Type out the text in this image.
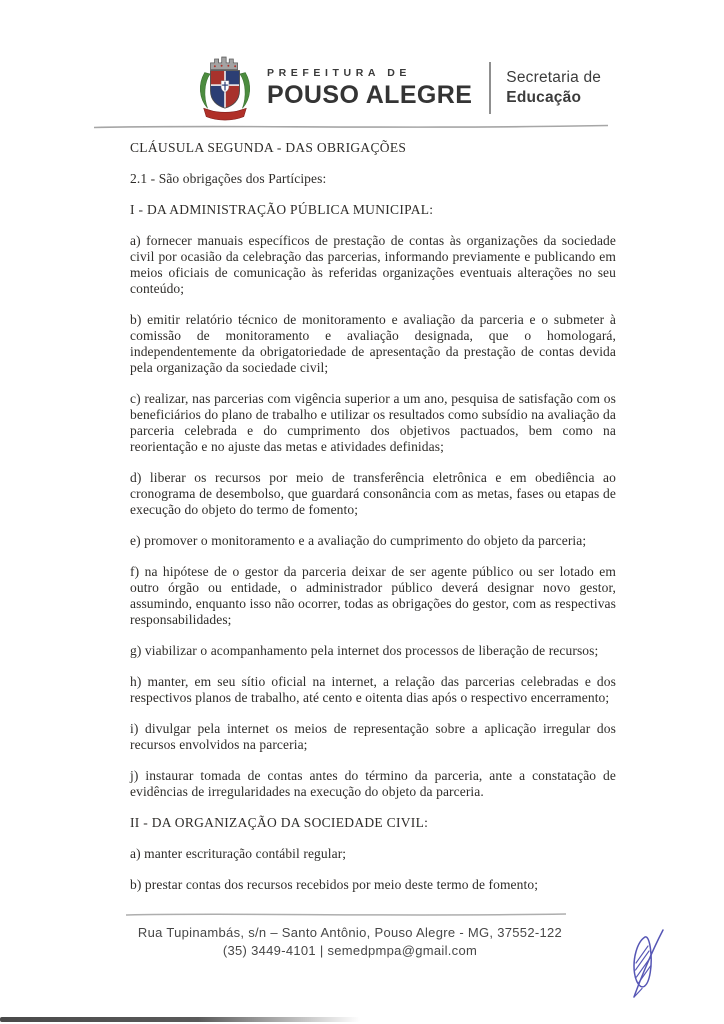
PREFEITURA DE
POUSO ALEGRE
Secretaria de
Educação

CLÁUSULA SEGUNDA - DAS OBRIGAÇÕES

2.1 - São obrigações dos Partícipes:

I - DA ADMINISTRAÇÃO PÚBLICA MUNICIPAL:

a) fornecer manuais específicos de prestação de contas às organizações da sociedade civil por ocasião da celebração das parcerias, informando previamente e publicando em meios oficiais de comunicação às referidas organizações eventuais alterações no seu conteúdo;

b) emitir relatório técnico de monitoramento e avaliação da parceria e o submeter à comissão de monitoramento e avaliação designada, que o homologará, independentemente da obrigatoriedade de apresentação da prestação de contas devida pela organização da sociedade civil;

c) realizar, nas parcerias com vigência superior a um ano, pesquisa de satisfação com os beneficiários do plano de trabalho e utilizar os resultados como subsídio na avaliação da parceria celebrada e do cumprimento dos objetivos pactuados, bem como na reorientação e no ajuste das metas e atividades definidas;

d) liberar os recursos por meio de transferência eletrônica e em obediência ao cronograma de desembolso, que guardará consonância com as metas, fases ou etapas de execução do objeto do termo de fomento;

e) promover o monitoramento e a avaliação do cumprimento do objeto da parceria;

f) na hipótese de o gestor da parceria deixar de ser agente público ou ser lotado em outro órgão ou entidade, o administrador público deverá designar novo gestor, assumindo, enquanto isso não ocorrer, todas as obrigações do gestor, com as respectivas responsabilidades;

g) viabilizar o acompanhamento pela internet dos processos de liberação de recursos;

h) manter, em seu sítio oficial na internet, a relação das parcerias celebradas e dos respectivos planos de trabalho, até cento e oitenta dias após o respectivo encerramento;

i) divulgar pela internet os meios de representação sobre a aplicação irregular dos recursos envolvidos na parceria;

j) instaurar tomada de contas antes do término da parceria, ante a constatação de evidências de irregularidades na execução do objeto da parceria.

II - DA ORGANIZAÇÃO DA SOCIEDADE CIVIL:

a) manter escrituração contábil regular;

b) prestar contas dos recursos recebidos por meio deste termo de fomento;

Rua Tupinambás, s/n – Santo Antônio, Pouso Alegre - MG, 37552-122
(35) 3449-4101 | semedpmpa@gmail.com
